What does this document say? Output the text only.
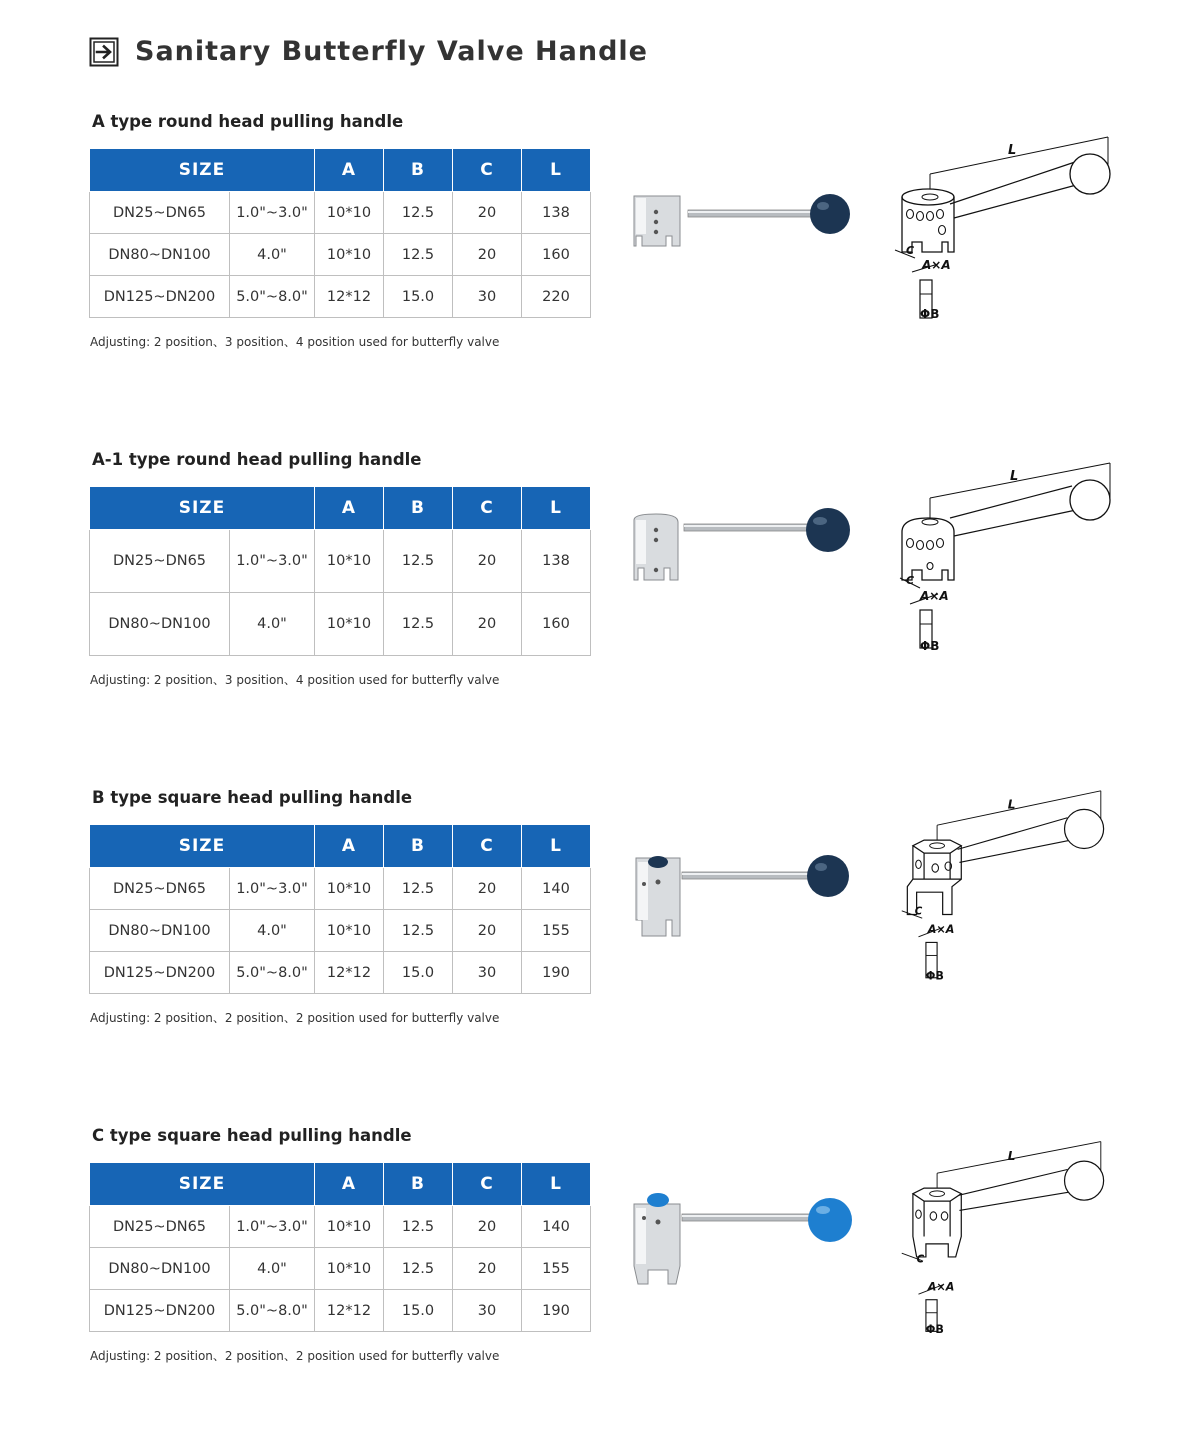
Sanitary Butterfly Valve Handle
A type round head pulling handle
SIZE		A	B	C	L
DN25~DN65	1.0"~3.0"	10*10	12.5	20	138
DN80~DN100	4.0"	10*10	12.5	20	160
DN125~DN200	5.0"~8.0"	12*12	15.0	30	220
Adjusting: 2 position、3 position、4 position used for butterfly valve
L
C
A×A
ΦB
A-1 type round head pulling handle
SIZE		A	B	C	L
DN25~DN65	1.0"~3.0"	10*10	12.5	20	138
DN80~DN100	4.0"	10*10	12.5	20	160
Adjusting: 2 position、3 position、4 position used for butterfly valve
L
C
A×A
ΦB
B type square head pulling handle
SIZE		A	B	C	L
DN25~DN65	1.0"~3.0"	10*10	12.5	20	140
DN80~DN100	4.0"	10*10	12.5	20	155
DN125~DN200	5.0"~8.0"	12*12	15.0	30	190
Adjusting: 2 position、2 position、2 position used for butterfly valve
L
C
A×A
ΦB
C type square head pulling handle
SIZE		A	B	C	L
DN25~DN65	1.0"~3.0"	10*10	12.5	20	140
DN80~DN100	4.0"	10*10	12.5	20	155
DN125~DN200	5.0"~8.0"	12*12	15.0	30	190
Adjusting: 2 position、2 position、2 position used for butterfly valve
L
C
A×A
ΦB
